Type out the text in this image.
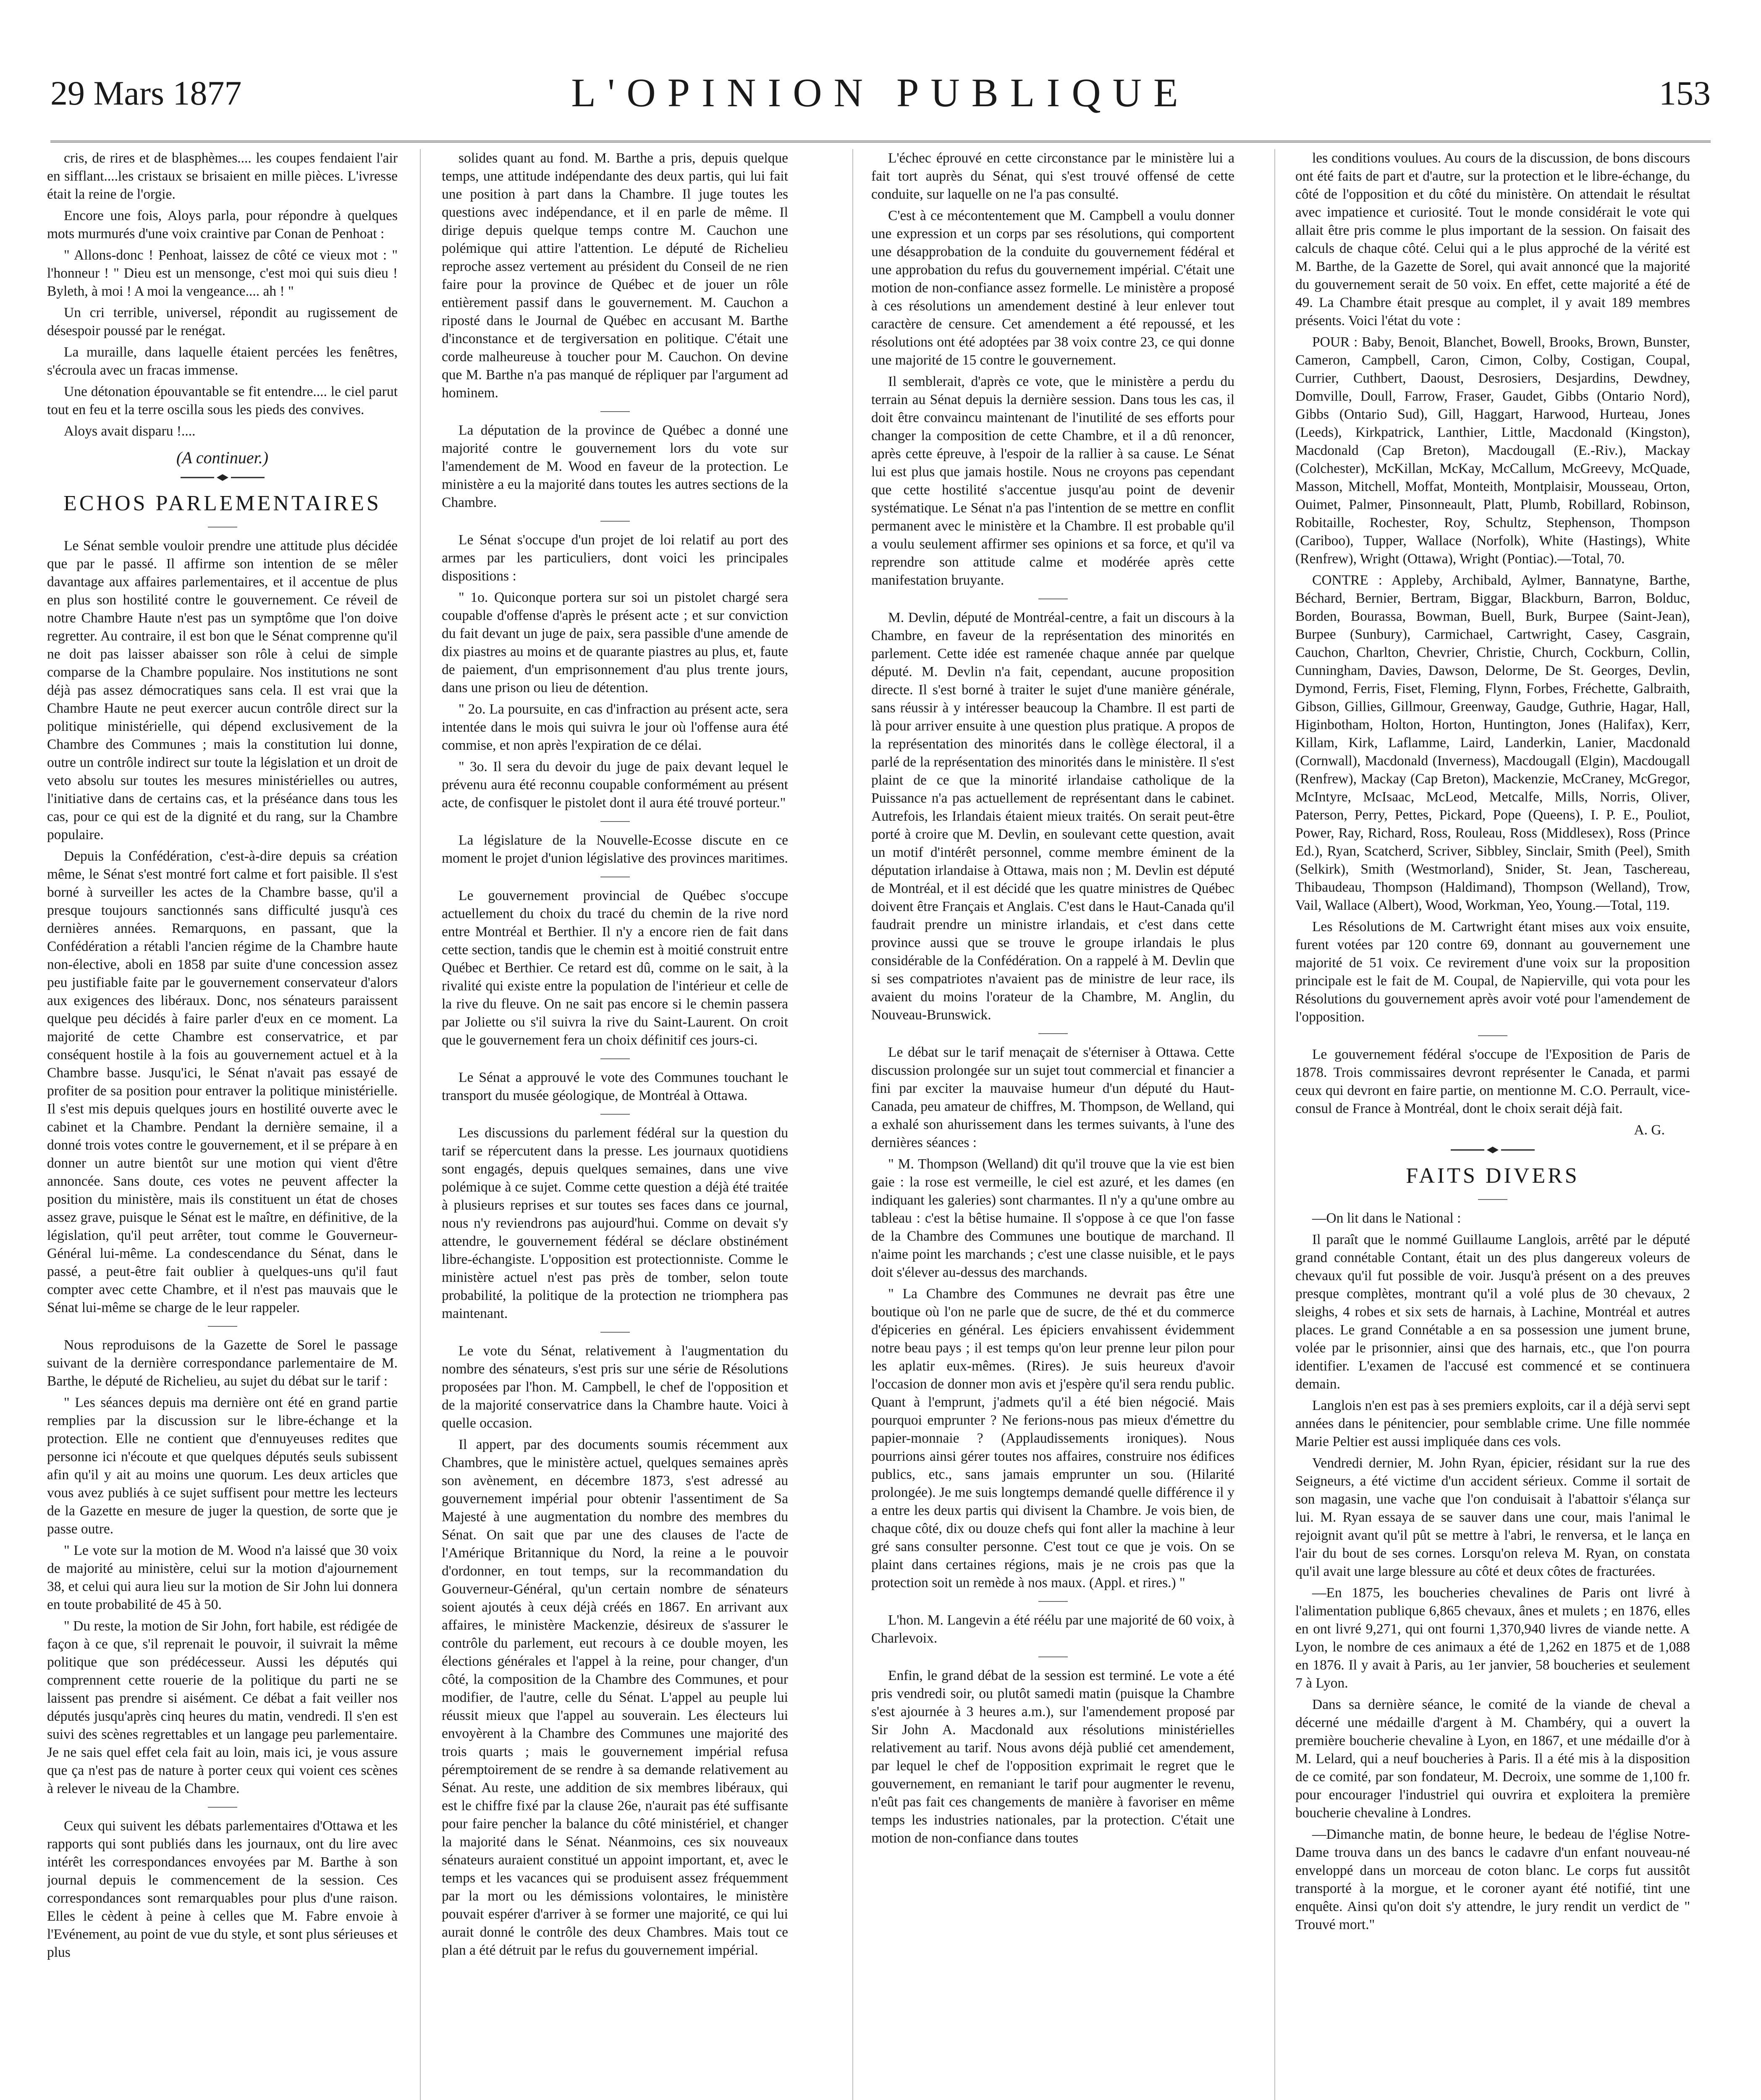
29 Mars 1877	L'OPINION PUBLIQUE	153

cris, de rires et de blasphèmes.... les coupes fendaient l'air en sifflant....les cristaux se brisaient en mille pièces. L'ivresse était la reine de l'orgie.

Encore une fois, Aloys parla, pour répondre à quelques mots murmurés d'une voix craintive par Conan de Penhoat :

" Allons-donc ! Penhoat, laissez de côté ce vieux mot : " l'honneur ! " Dieu est un mensonge, c'est moi qui suis dieu ! Byleth, à moi ! A moi la vengeance.... ah ! "

Un cri terrible, universel, répondit au rugissement de désespoir poussé par le renégat.

La muraille, dans laquelle étaient percées les fenêtres, s'écroula avec un fracas immense.

Une détonation épouvantable se fit entendre.... le ciel parut tout en feu et la terre oscilla sous les pieds des convives.

Aloys avait disparu !....

(A continuer.)
ECHOS PARLEMENTAIRES

Le Sénat semble vouloir prendre une attitude plus décidée que par le passé. Il affirme son intention de se mêler davantage aux affaires parlementaires, et il accentue de plus en plus son hostilité contre le gouvernement. Ce réveil de notre Chambre Haute n'est pas un symptôme que l'on doive regretter. Au contraire, il est bon que le Sénat comprenne qu'il ne doit pas laisser abaisser son rôle à celui de simple comparse de la Chambre populaire. Nos institutions ne sont déjà pas assez démocratiques sans cela. Il est vrai que la Chambre Haute ne peut exercer aucun contrôle direct sur la politique ministérielle, qui dépend exclusivement de la Chambre des Communes ; mais la constitution lui donne, outre un contrôle indirect sur toute la législation et un droit de veto absolu sur toutes les mesures ministérielles ou autres, l'initiative dans de certains cas, et la préséance dans tous les cas, pour ce qui est de la dignité et du rang, sur la Chambre populaire.

Depuis la Confédération, c'est-à-dire depuis sa création même, le Sénat s'est montré fort calme et fort paisible. Il s'est borné à surveiller les actes de la Chambre basse, qu'il a presque toujours sanctionnés sans difficulté jusqu'à ces dernières années. Remarquons, en passant, que la Confédération a rétabli l'ancien régime de la Chambre haute non-élective, aboli en 1858 par suite d'une concession assez peu justifiable faite par le gouvernement conservateur d'alors aux exigences des libéraux. Donc, nos sénateurs paraissent quelque peu décidés à faire parler d'eux en ce moment. La majorité de cette Chambre est conservatrice, et par conséquent hostile à la fois au gouvernement actuel et à la Chambre basse. Jusqu'ici, le Sénat n'avait pas essayé de profiter de sa position pour entraver la politique ministérielle. Il s'est mis depuis quelques jours en hostilité ouverte avec le cabinet et la Chambre. Pendant la dernière semaine, il a donné trois votes contre le gouvernement, et il se prépare à en donner un autre bientôt sur une motion qui vient d'être annoncée. Sans doute, ces votes ne peuvent affecter la position du ministère, mais ils constituent un état de choses assez grave, puisque le Sénat est le maître, en définitive, de la législation, qu'il peut arrêter, tout comme le Gouverneur-Général lui-même. La condescendance du Sénat, dans le passé, a peut-être fait oublier à quelques-uns qu'il faut compter avec cette Chambre, et il n'est pas mauvais que le Sénat lui-même se charge de le leur rappeler.

Nous reproduisons de la Gazette de Sorel le passage suivant de la dernière correspondance parlementaire de M. Barthe, le député de Richelieu, au sujet du débat sur le tarif :

" Les séances depuis ma dernière ont été en grand partie remplies par la discussion sur le libre-échange et la protection. Elle ne contient que d'ennuyeuses redites que personne ici n'écoute et que quelques députés seuls subissent afin qu'il y ait au moins une quorum. Les deux articles que vous avez publiés à ce sujet suffisent pour mettre les lecteurs de la Gazette en mesure de juger la question, de sorte que je passe outre.

" Le vote sur la motion de M. Wood n'a laissé que 30 voix de majorité au ministère, celui sur la motion d'ajournement 38, et celui qui aura lieu sur la motion de Sir John lui donnera en toute probabilité de 45 à 50.

" Du reste, la motion de Sir John, fort habile, est rédigée de façon à ce que, s'il reprenait le pouvoir, il suivrait la même politique que son prédécesseur. Aussi les députés qui comprennent cette rouerie de la politique du parti ne se laissent pas prendre si aisément. Ce débat a fait veiller nos députés jusqu'après cinq heures du matin, vendredi. Il s'en est suivi des scènes regrettables et un langage peu parlementaire. Je ne sais quel effet cela fait au loin, mais ici, je vous assure que ça n'est pas de nature à porter ceux qui voient ces scènes à relever le niveau de la Chambre.

Ceux qui suivent les débats parlementaires d'Ottawa et les rapports qui sont publiés dans les journaux, ont du lire avec intérêt les correspondances envoyées par M. Barthe à son journal depuis le commencement de la session. Ces correspondances sont remarquables pour plus d'une raison. Elles le cèdent à peine à celles que M. Fabre envoie à l'Evénement, au point de vue du style, et sont plus sérieuses et plus

solides quant au fond. M. Barthe a pris, depuis quelque temps, une attitude indépendante des deux partis, qui lui fait une position à part dans la Chambre. Il juge toutes les questions avec indépendance, et il en parle de même. Il dirige depuis quelque temps contre M. Cauchon une polémique qui attire l'attention. Le député de Richelieu reproche assez vertement au président du Conseil de ne rien faire pour la province de Québec et de jouer un rôle entièrement passif dans le gouvernement. M. Cauchon a riposté dans le Journal de Québec en accusant M. Barthe d'inconstance et de tergiversation en politique. C'était une corde malheureuse à toucher pour M. Cauchon. On devine que M. Barthe n'a pas manqué de répliquer par l'argument ad hominem.

La députation de la province de Québec a donné une majorité contre le gouvernement lors du vote sur l'amendement de M. Wood en faveur de la protection. Le ministère a eu la majorité dans toutes les autres sections de la Chambre.

Le Sénat s'occupe d'un projet de loi relatif au port des armes par les particuliers, dont voici les principales dispositions :

" 1o. Quiconque portera sur soi un pistolet chargé sera coupable d'offense d'après le présent acte ; et sur conviction du fait devant un juge de paix, sera passible d'une amende de dix piastres au moins et de quarante piastres au plus, et, faute de paiement, d'un emprisonnement d'au plus trente jours, dans une prison ou lieu de détention.

" 2o. La poursuite, en cas d'infraction au présent acte, sera intentée dans le mois qui suivra le jour où l'offense aura été commise, et non après l'expiration de ce délai.

" 3o. Il sera du devoir du juge de paix devant lequel le prévenu aura été reconnu coupable conformément au présent acte, de confisquer le pistolet dont il aura été trouvé porteur."

La législature de la Nouvelle-Ecosse discute en ce moment le projet d'union législative des provinces maritimes.

Le gouvernement provincial de Québec s'occupe actuellement du choix du tracé du chemin de la rive nord entre Montréal et Berthier. Il n'y a encore rien de fait dans cette section, tandis que le chemin est à moitié construit entre Québec et Berthier. Ce retard est dû, comme on le sait, à la rivalité qui existe entre la population de l'intérieur et celle de la rive du fleuve. On ne sait pas encore si le chemin passera par Joliette ou s'il suivra la rive du Saint-Laurent. On croit que le gouvernement fera un choix définitif ces jours-ci.

Le Sénat a approuvé le vote des Communes touchant le transport du musée géologique, de Montréal à Ottawa.

Les discussions du parlement fédéral sur la question du tarif se répercutent dans la presse. Les journaux quotidiens sont engagés, depuis quelques semaines, dans une vive polémique à ce sujet. Comme cette question a déjà été traitée à plusieurs reprises et sur toutes ses faces dans ce journal, nous n'y reviendrons pas aujourd'hui. Comme on devait s'y attendre, le gouvernement fédéral se déclare obstinément libre-échangiste. L'opposition est protectionniste. Comme le ministère actuel n'est pas près de tomber, selon toute probabilité, la politique de la protection ne triomphera pas maintenant.

Le vote du Sénat, relativement à l'augmentation du nombre des sénateurs, s'est pris sur une série de Résolutions proposées par l'hon. M. Campbell, le chef de l'opposition et de la majorité conservatrice dans la Chambre haute. Voici à quelle occasion.

Il appert, par des documents soumis récemment aux Chambres, que le ministère actuel, quelques semaines après son avènement, en décembre 1873, s'est adressé au gouvernement impérial pour obtenir l'assentiment de Sa Majesté à une augmentation du nombre des membres du Sénat. On sait que par une des clauses de l'acte de l'Amérique Britannique du Nord, la reine a le pouvoir d'ordonner, en tout temps, sur la recommandation du Gouverneur-Général, qu'un certain nombre de sénateurs soient ajoutés à ceux déjà créés en 1867. En arrivant aux affaires, le ministère Mackenzie, désireux de s'assurer le contrôle du parlement, eut recours à ce double moyen, les élections générales et l'appel à la reine, pour changer, d'un côté, la composition de la Chambre des Communes, et pour modifier, de l'autre, celle du Sénat. L'appel au peuple lui réussit mieux que l'appel au souverain. Les électeurs lui envoyèrent à la Chambre des Communes une majorité des trois quarts ; mais le gouvernement impérial refusa péremptoirement de se rendre à sa demande relativement au Sénat. Au reste, une addition de six membres libéraux, qui est le chiffre fixé par la clause 26e, n'aurait pas été suffisante pour faire pencher la balance du côté ministériel, et changer la majorité dans le Sénat. Néanmoins, ces six nouveaux sénateurs auraient constitué un appoint important, et, avec le temps et les vacances qui se produisent assez fréquemment par la mort ou les démissions volontaires, le ministère pouvait espérer d'arriver à se former une majorité, ce qui lui aurait donné le contrôle des deux Chambres. Mais tout ce plan a été détruit par le refus du gouvernement impérial.

L'échec éprouvé en cette circonstance par le ministère lui a fait tort auprès du Sénat, qui s'est trouvé offensé de cette conduite, sur laquelle on ne l'a pas consulté.

C'est à ce mécontentement que M. Campbell a voulu donner une expression et un corps par ses résolutions, qui comportent une désapprobation de la conduite du gouvernement fédéral et une approbation du refus du gouvernement impérial. C'était une motion de non-confiance assez formelle. Le ministère a proposé à ces résolutions un amendement destiné à leur enlever tout caractère de censure. Cet amendement a été repoussé, et les résolutions ont été adoptées par 38 voix contre 23, ce qui donne une majorité de 15 contre le gouvernement.

Il semblerait, d'après ce vote, que le ministère a perdu du terrain au Sénat depuis la dernière session. Dans tous les cas, il doit être convaincu maintenant de l'inutilité de ses efforts pour changer la composition de cette Chambre, et il a dû renoncer, après cette épreuve, à l'espoir de la rallier à sa cause. Le Sénat lui est plus que jamais hostile. Nous ne croyons pas cependant que cette hostilité s'accentue jusqu'au point de devenir systématique. Le Sénat n'a pas l'intention de se mettre en conflit permanent avec le ministère et la Chambre. Il est probable qu'il a voulu seulement affirmer ses opinions et sa force, et qu'il va reprendre son attitude calme et modérée après cette manifestation bruyante.

M. Devlin, député de Montréal-centre, a fait un discours à la Chambre, en faveur de la représentation des minorités en parlement. Cette idée est ramenée chaque année par quelque député. M. Devlin n'a fait, cependant, aucune proposition directe. Il s'est borné à traiter le sujet d'une manière générale, sans réussir à y intéresser beaucoup la Chambre. Il est parti de là pour arriver ensuite à une question plus pratique. A propos de la représentation des minorités dans le collège électoral, il a parlé de la représentation des minorités dans le ministère. Il s'est plaint de ce que la minorité irlandaise catholique de la Puissance n'a pas actuellement de représentant dans le cabinet. Autrefois, les Irlandais étaient mieux traités. On serait peut-être porté à croire que M. Devlin, en soulevant cette question, avait un motif d'intérêt personnel, comme membre éminent de la députation irlandaise à Ottawa, mais non ; M. Devlin est député de Montréal, et il est décidé que les quatre ministres de Québec doivent être Français et Anglais. C'est dans le Haut-Canada qu'il faudrait prendre un ministre irlandais, et c'est dans cette province aussi que se trouve le groupe irlandais le plus considérable de la Confédération. On a rappelé à M. Devlin que si ses compatriotes n'avaient pas de ministre de leur race, ils avaient du moins l'orateur de la Chambre, M. Anglin, du Nouveau-Brunswick.

Le débat sur le tarif menaçait de s'éterniser à Ottawa. Cette discussion prolongée sur un sujet tout commercial et financier a fini par exciter la mauvaise humeur d'un député du Haut-Canada, peu amateur de chiffres, M. Thompson, de Welland, qui a exhalé son ahurissement dans les termes suivants, à l'une des dernières séances :

" M. Thompson (Welland) dit qu'il trouve que la vie est bien gaie : la rose est vermeille, le ciel est azuré, et les dames (en indiquant les galeries) sont charmantes. Il n'y a qu'une ombre au tableau : c'est la bêtise humaine. Il s'oppose à ce que l'on fasse de la Chambre des Communes une boutique de marchand. Il n'aime point les marchands ; c'est une classe nuisible, et le pays doit s'élever au-dessus des marchands.

" La Chambre des Communes ne devrait pas être une boutique où l'on ne parle que de sucre, de thé et du commerce d'épiceries en général. Les épiciers envahissent évidemment notre beau pays ; il est temps qu'on leur prenne leur pilon pour les aplatir eux-mêmes. (Rires). Je suis heureux d'avoir l'occasion de donner mon avis et j'espère qu'il sera rendu public. Quant à l'emprunt, j'admets qu'il a été bien négocié. Mais pourquoi emprunter ? Ne ferions-nous pas mieux d'émettre du papier-monnaie ? (Applaudissements ironiques). Nous pourrions ainsi gérer toutes nos affaires, construire nos édifices publics, etc., sans jamais emprunter un sou. (Hilarité prolongée). Je me suis longtemps demandé quelle différence il y a entre les deux partis qui divisent la Chambre. Je vois bien, de chaque côté, dix ou douze chefs qui font aller la machine à leur gré sans consulter personne. C'est tout ce que je vois. On se plaint dans certaines régions, mais je ne crois pas que la protection soit un remède à nos maux. (Appl. et rires.) "

L'hon. M. Langevin a été réélu par une majorité de 60 voix, à Charlevoix.

Enfin, le grand débat de la session est terminé. Le vote a été pris vendredi soir, ou plutôt samedi matin (puisque la Chambre s'est ajournée à 3 heures a.m.), sur l'amendement proposé par Sir John A. Macdonald aux résolutions ministérielles relativement au tarif. Nous avons déjà publié cet amendement, par lequel le chef de l'opposition exprimait le regret que le gouvernement, en remaniant le tarif pour augmenter le revenu, n'eût pas fait ces changements de manière à favoriser en même temps les industries nationales, par la protection. C'était une motion de non-confiance dans toutes

les conditions voulues. Au cours de la discussion, de bons discours ont été faits de part et d'autre, sur la protection et le libre-échange, du côté de l'opposition et du côté du ministère. On attendait le résultat avec impatience et curiosité. Tout le monde considérait le vote qui allait être pris comme le plus important de la session. On faisait des calculs de chaque côté. Celui qui a le plus approché de la vérité est M. Barthe, de la Gazette de Sorel, qui avait annoncé que la majorité du gouvernement serait de 50 voix. En effet, cette majorité a été de 49. La Chambre était presque au complet, il y avait 189 membres présents. Voici l'état du vote :

POUR : Baby, Benoit, Blanchet, Bowell, Brooks, Brown, Bunster, Cameron, Campbell, Caron, Cimon, Colby, Costigan, Coupal, Currier, Cuthbert, Daoust, Desrosiers, Desjardins, Dewdney, Domville, Doull, Farrow, Fraser, Gaudet, Gibbs (Ontario Nord), Gibbs (Ontario Sud), Gill, Haggart, Harwood, Hurteau, Jones (Leeds), Kirkpatrick, Lanthier, Little, Macdonald (Kingston), Macdonald (Cap Breton), Macdougall (E.-Riv.), Mackay (Colchester), McKillan, McKay, McCallum, McGreevy, McQuade, Masson, Mitchell, Moffat, Monteith, Montplaisir, Mousseau, Orton, Ouimet, Palmer, Pinsonneault, Platt, Plumb, Robillard, Robinson, Robitaille, Rochester, Roy, Schultz, Stephenson, Thompson (Cariboo), Tupper, Wallace (Norfolk), White (Hastings), White (Renfrew), Wright (Ottawa), Wright (Pontiac).—Total, 70.

CONTRE : Appleby, Archibald, Aylmer, Bannatyne, Barthe, Béchard, Bernier, Bertram, Biggar, Blackburn, Barron, Bolduc, Borden, Bourassa, Bowman, Buell, Burk, Burpee (Saint-Jean), Burpee (Sunbury), Carmichael, Cartwright, Casey, Casgrain, Cauchon, Charlton, Chevrier, Christie, Church, Cockburn, Collin, Cunningham, Davies, Dawson, Delorme, De St. Georges, Devlin, Dymond, Ferris, Fiset, Fleming, Flynn, Forbes, Fréchette, Galbraith, Gibson, Gillies, Gillmour, Greenway, Gaudge, Guthrie, Hagar, Hall, Higinbotham, Holton, Horton, Huntington, Jones (Halifax), Kerr, Killam, Kirk, Laflamme, Laird, Landerkin, Lanier, Macdonald (Cornwall), Macdonald (Inverness), Macdougall (Elgin), Macdougall (Renfrew), Mackay (Cap Breton), Mackenzie, McCraney, McGregor, McIntyre, McIsaac, McLeod, Metcalfe, Mills, Norris, Oliver, Paterson, Perry, Pettes, Pickard, Pope (Queens), I. P. E., Pouliot, Power, Ray, Richard, Ross, Rouleau, Ross (Middlesex), Ross (Prince Ed.), Ryan, Scatcherd, Scriver, Sibbley, Sinclair, Smith (Peel), Smith (Selkirk), Smith (Westmorland), Snider, St. Jean, Taschereau, Thibaudeau, Thompson (Haldimand), Thompson (Welland), Trow, Vail, Wallace (Albert), Wood, Workman, Yeo, Young.—Total, 119.

Les Résolutions de M. Cartwright étant mises aux voix ensuite, furent votées par 120 contre 69, donnant au gouvernement une majorité de 51 voix. Ce revirement d'une voix sur la proposition principale est le fait de M. Coupal, de Napierville, qui vota pour les Résolutions du gouvernement après avoir voté pour l'amendement de l'opposition.

Le gouvernement fédéral s'occupe de l'Exposition de Paris de 1878. Trois commissaires devront représenter le Canada, et parmi ceux qui devront en faire partie, on mentionne M. C.O. Perrault, vice-consul de France à Montréal, dont le choix serait déjà fait.

A. G.

FAITS DIVERS

—On lit dans le National :

Il paraît que le nommé Guillaume Langlois, arrêté par le député grand connétable Contant, était un des plus dangereux voleurs de chevaux qu'il fut possible de voir. Jusqu'à présent on a des preuves presque complètes, montrant qu'il a volé plus de 30 chevaux, 2 sleighs, 4 robes et six sets de harnais, à Lachine, Montréal et autres places. Le grand Connétable a en sa possession une jument brune, volée par le prisonnier, ainsi que des harnais, etc., que l'on pourra identifier. L'examen de l'accusé est commencé et se continuera demain.

Langlois n'en est pas à ses premiers exploits, car il a déjà servi sept années dans le pénitencier, pour semblable crime. Une fille nommée Marie Peltier est aussi impliquée dans ces vols.

Vendredi dernier, M. John Ryan, épicier, résidant sur la rue des Seigneurs, a été victime d'un accident sérieux. Comme il sortait de son magasin, une vache que l'on conduisait à l'abattoir s'élança sur lui. M. Ryan essaya de se sauver dans une cour, mais l'animal le rejoignit avant qu'il pût se mettre à l'abri, le renversa, et le lança en l'air du bout de ses cornes. Lorsqu'on releva M. Ryan, on constata qu'il avait une large blessure au côté et deux côtes de fracturées.

—En 1875, les boucheries chevalines de Paris ont livré à l'alimentation publique 6,865 chevaux, ânes et mulets ; en 1876, elles en ont livré 9,271, qui ont fourni 1,370,940 livres de viande nette. A Lyon, le nombre de ces animaux a été de 1,262 en 1875 et de 1,088 en 1876. Il y avait à Paris, au 1er janvier, 58 boucheries et seulement 7 à Lyon.

Dans sa dernière séance, le comité de la viande de cheval a décerné une médaille d'argent à M. Chambéry, qui a ouvert la première boucherie chevaline à Lyon, en 1867, et une médaille d'or à M. Lelard, qui a neuf boucheries à Paris. Il a été mis à la disposition de ce comité, par son fondateur, M. Decroix, une somme de 1,100 fr. pour encourager l'industriel qui ouvrira et exploitera la première boucherie chevaline à Londres.

—Dimanche matin, de bonne heure, le bedeau de l'église Notre-Dame trouva dans un des bancs le cadavre d'un enfant nouveau-né enveloppé dans un morceau de coton blanc. Le corps fut aussitôt transporté à la morgue, et le coroner ayant été notifié, tint une enquête. Ainsi qu'on doit s'y attendre, le jury rendit un verdict de " Trouvé mort."
